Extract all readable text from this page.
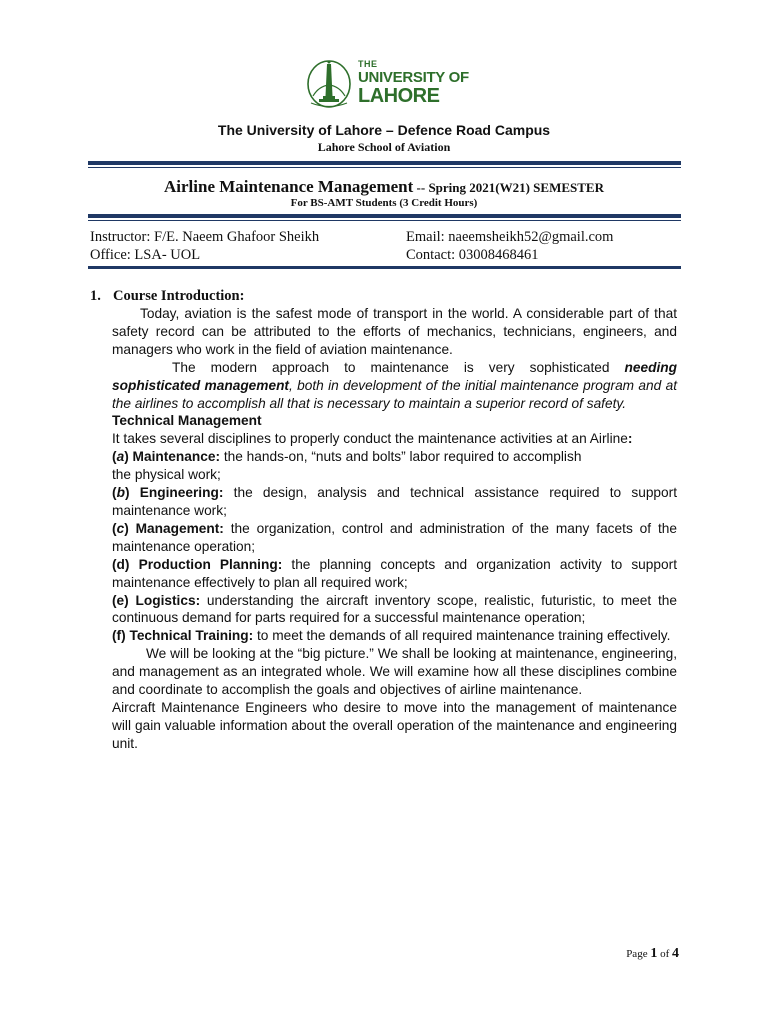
THE
UNIVERSITY OF
LAHORE
The University of Lahore – Defence Road Campus
Lahore School of Aviation
Airline Maintenance Management -- Spring 2021(W21) SEMESTER
For BS-AMT Students (3 Credit Hours)
Instructor: F/E. Naeem Ghafoor Sheikh
Office: LSA- UOL
Email: naeemsheikh52@gmail.com
Contact: 03008468461
1. Course Introduction:

Today, aviation is the safest mode of transport in the world. A considerable part of that safety record can be attributed to the efforts of mechanics, technicians, engineers, and managers who work in the field of aviation maintenance.

The modern approach to maintenance is very sophisticated needing sophisticated management, both in development of the initial maintenance program and at the airlines to accomplish all that is necessary to maintain a superior record of safety.

Technical Management

It takes several disciplines to properly conduct the maintenance activities at an Airline:

(a) Maintenance: the hands-on, “nuts and bolts” labor required to accomplish
the physical work;

(b) Engineering: the design, analysis and technical assistance required to support maintenance work;

(c) Management: the organization, control and administration of the many facets of the maintenance operation;

(d) Production Planning: the planning concepts and organization activity to support maintenance effectively to plan all required work;

(e) Logistics: understanding the aircraft inventory scope, realistic, futuristic, to meet the continuous demand for parts required for a successful maintenance operation;

(f) Technical Training: to meet the demands of all required maintenance training effectively.

We will be looking at the “big picture.” We shall be looking at maintenance, engineering, and management as an integrated whole. We will examine how all these disciplines combine and coordinate to accomplish the goals and objectives of airline maintenance.

Aircraft Maintenance Engineers who desire to move into the management of maintenance will gain valuable information about the overall operation of the maintenance and engineering unit.

Page 1 of 4
